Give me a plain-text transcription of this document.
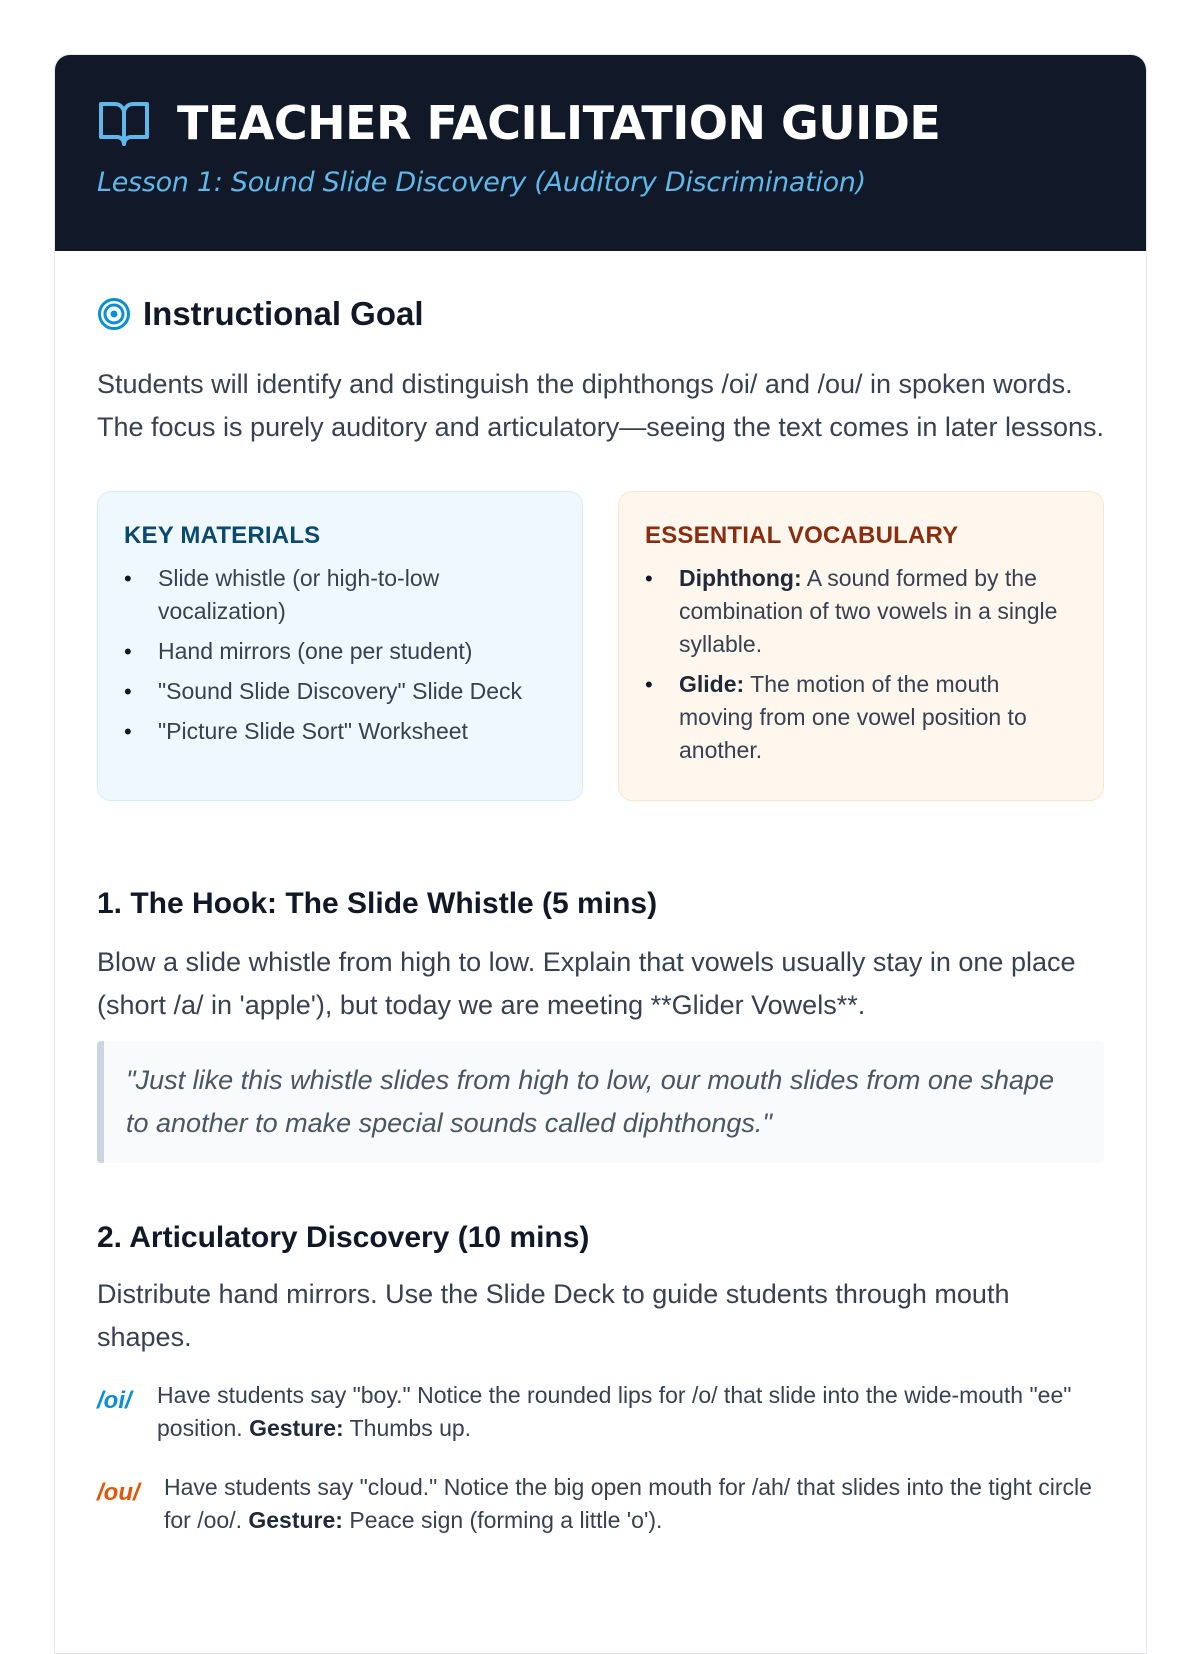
TEACHER FACILITATION GUIDE
Lesson 1: Sound Slide Discovery (Auditory Discrimination)
Instructional Goal

Students will identify and distinguish the diphthongs /oi/ and /ou/ in spoken words. The focus is purely auditory and articulatory—seeing the text comes in later lessons.

KEY MATERIALS
• Slide whistle (or high-to-low vocalization)
• Hand mirrors (one per student)
• "Sound Slide Discovery" Slide Deck
• "Picture Slide Sort" Worksheet
ESSENTIAL VOCABULARY
• Diphthong: A sound formed by the combination of two vowels in a single syllable.
• Glide: The motion of the mouth moving from one vowel position to another.
1. The Hook: The Slide Whistle (5 mins)

Blow a slide whistle from high to low. Explain that vowels usually stay in one place (short /a/ in 'apple'), but today we are meeting **Glider Vowels**.

"Just like this whistle slides from high to low, our mouth slides from one shape to another to make special sounds called diphthongs."

2. Articulatory Discovery (10 mins)

Distribute hand mirrors. Use the Slide Deck to guide students through mouth shapes.

/oi/	Have students say "boy." Notice the rounded lips for /o/ that slide into the wide-mouth "ee" position. Gesture: Thumbs up.

/ou/	Have students say "cloud." Notice the big open mouth for /ah/ that slides into the tight circle for /oo/. Gesture: Peace sign (forming a little 'o').
